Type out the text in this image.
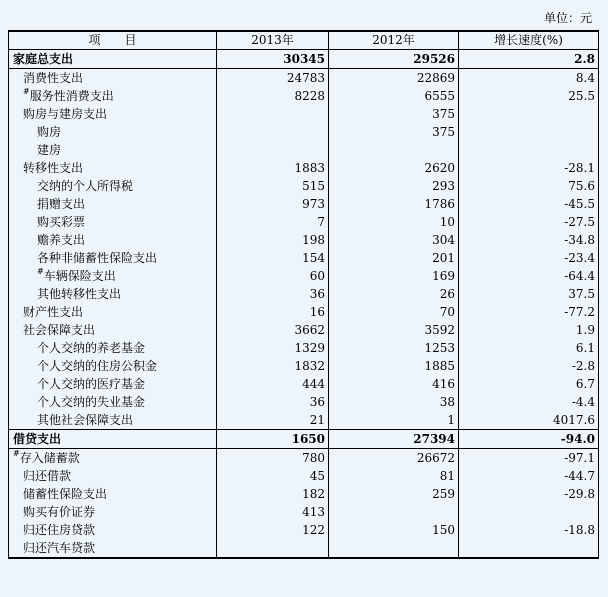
单位：元
项　　目	2013年	2012年	增长速度(%)
家庭总支出	30345	29526	2.8
消费性支出	24783	22869	8.4
#服务性消费支出	8228	6555	25.5
购房与建房支出		375	
购房		375	
建房			
转移性支出	1883	2620	-28.1
交纳的个人所得税	515	293	75.6
捐赠支出	973	1786	-45.5
购买彩票	7	10	-27.5
赡养支出	198	304	-34.8
各种非储蓄性保险支出	154	201	-23.4
#车辆保险支出	60	169	-64.4
其他转移性支出	36	26	37.5
财产性支出	16	70	-77.2
社会保障支出	3662	3592	1.9
个人交纳的养老基金	1329	1253	6.1
个人交纳的住房公积金	1832	1885	-2.8
个人交纳的医疗基金	444	416	6.7
个人交纳的失业基金	36	38	-4.4
其他社会保障支出	21	1	4017.6
借贷支出	1650	27394	-94.0
#存入储蓄款	780	26672	-97.1
归还借款	45	81	-44.7
储蓄性保险支出	182	259	-29.8
购买有价证券	413		
归还住房贷款	122	150	-18.8
归还汽车贷款			
